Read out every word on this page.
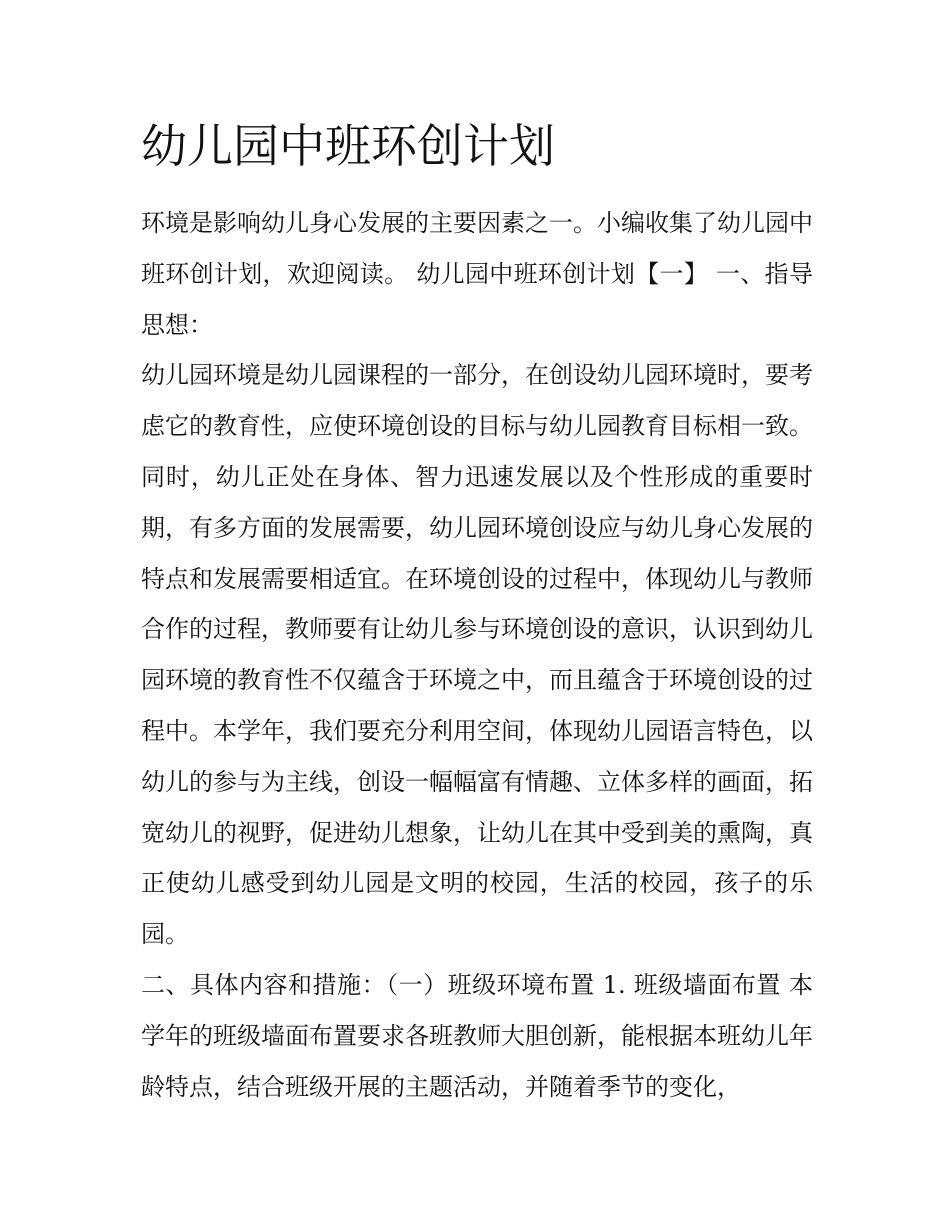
幼儿园中班环创计划

环境是影响幼儿身心发展的主要因素之一。小编收集了幼儿园中班环创计划，欢迎阅读。 幼儿园中班环创计划【一】 一、指导思想：

幼儿园环境是幼儿园课程的一部分，在创设幼儿园环境时，要考虑它的教育性，应使环境创设的目标与幼儿园教育目标相一致。同时，幼儿正处在身体、智力迅速发展以及个性形成的重要时期，有多方面的发展需要，幼儿园环境创设应与幼儿身心发展的特点和发展需要相适宜。在环境创设的过程中，体现幼儿与教师合作的过程，教师要有让幼儿参与环境创设的意识，认识到幼儿园环境的教育性不仅蕴含于环境之中，而且蕴含于环境创设的过程中。本学年，我们要充分利用空间，体现幼儿园语言特色，以幼儿的参与为主线，创设一幅幅富有情趣、立体多样的画面，拓宽幼儿的视野，促进幼儿想象，让幼儿在其中受到美的熏陶，真正使幼儿感受到幼儿园是文明的校园，生活的校园，孩子的乐园。

二、具体内容和措施：（一）班级环境布置 1. 班级墙面布置 本学年的班级墙面布置要求各班教师大胆创新，能根据本班幼儿年龄特点，结合班级开展的主题活动，并随着季节的变化，
